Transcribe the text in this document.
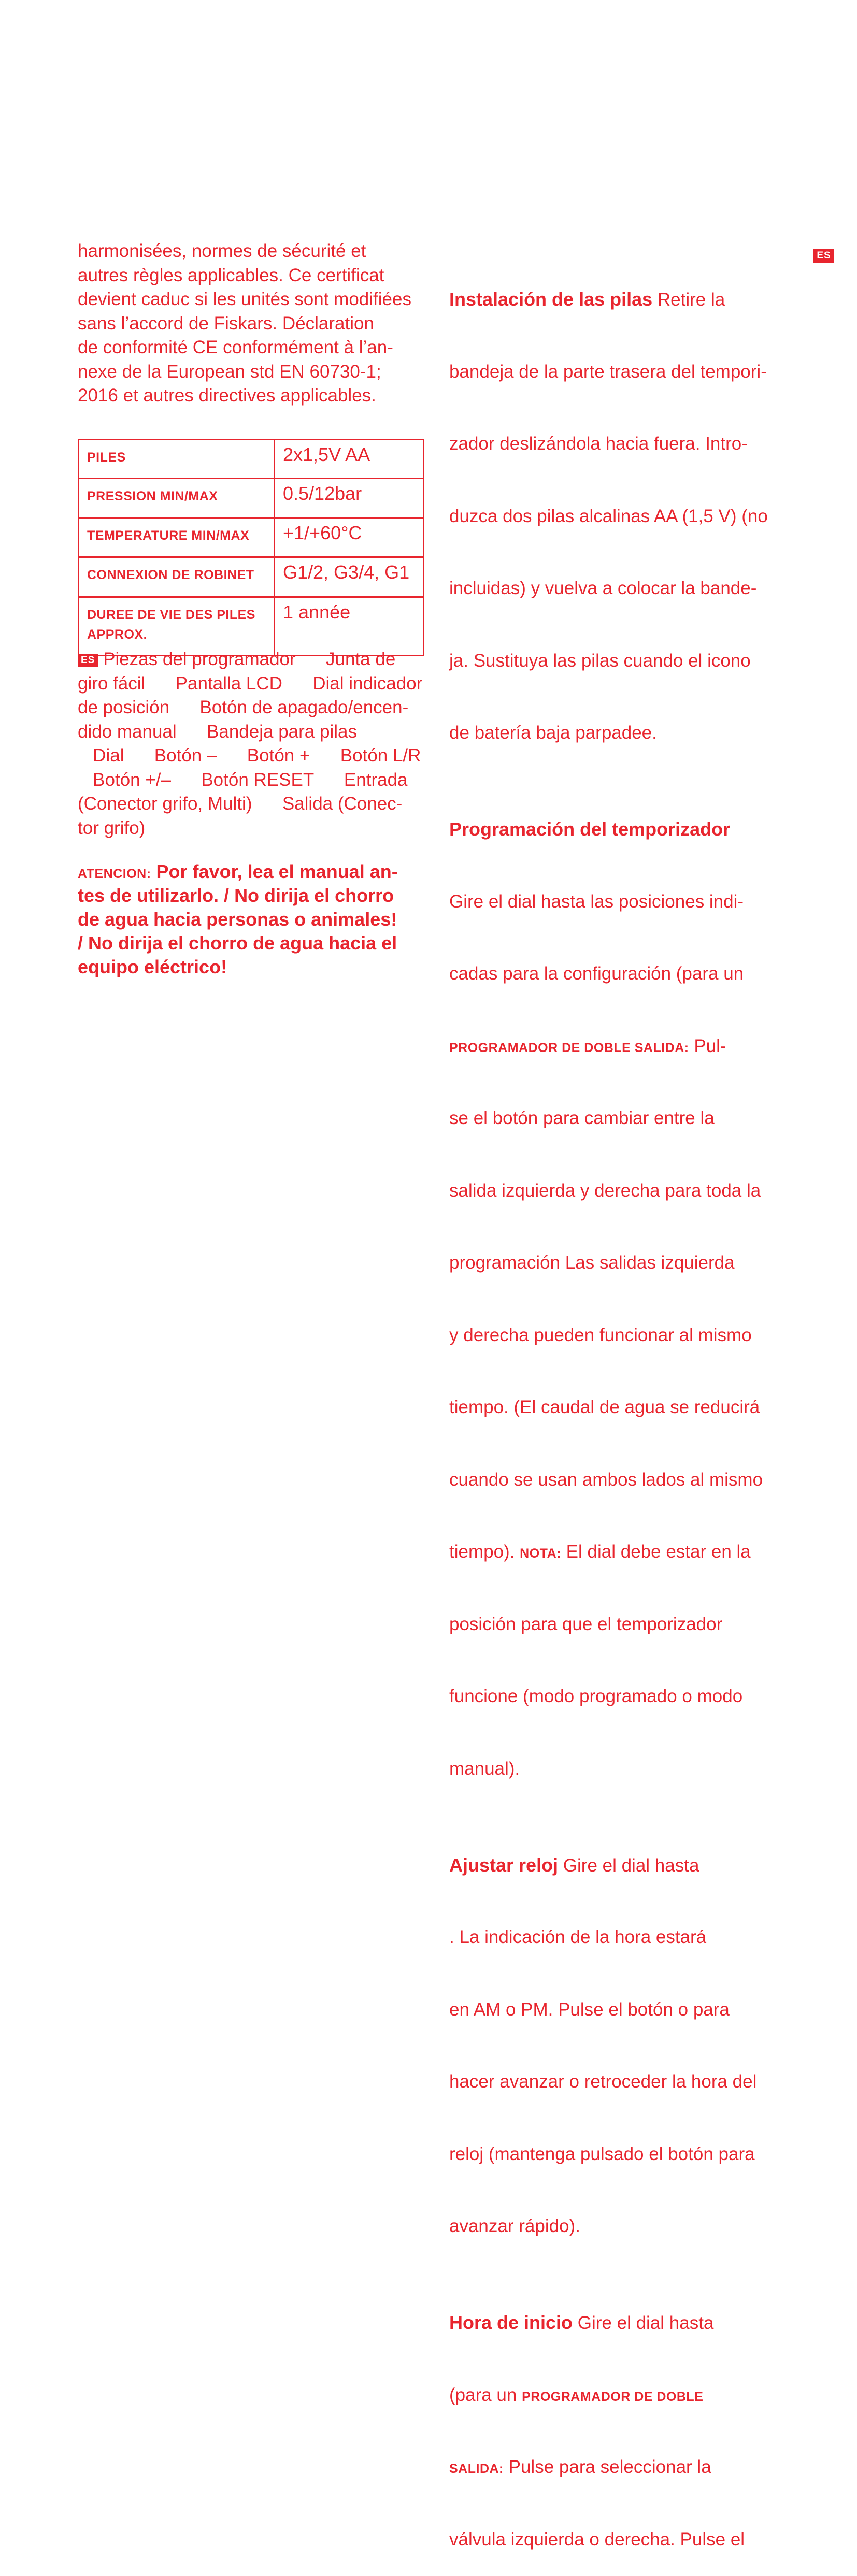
harmonisées, normes de sécurité et
autres règles applicables. Ce certificat
devient caduc si les unités sont modifiées
sans l’accord de Fiskars. Déclaration
de conformité CE conformément à l’an-
nexe de la European std EN 60730-1;
2016 et autres directives applicables.
PILES	2x1,5V AA
PRESSION MIN/MAX	0.5/12bar
TEMPERATURE MIN/MAX	+1/+60°C
CONNEXION DE ROBINET	G1/2, G3/4, G1
DUREE DE VIE DES PILES APPROX.	1 année
ES Piezas del programador      Junta de
giro fácil      Pantalla LCD      Dial indicador
de posición      Botón de apagado/encen-
dido manual      Bandeja para pilas
Dial      Botón –      Botón +      Botón L/R
Botón +/–      Botón RESET      Entrada
(Conector grifo, Multi)      Salida (Conec-
tor grifo)
ATENCION: Por favor, lea el manual an-
tes de utilizarlo. / No dirija el chorro
de agua hacia personas o animales!
/ No dirija el chorro de agua hacia el
equipo eléctrico!
ES

Instalación de las pilas Retire la

bandeja de la parte trasera del tempori-

zador deslizándola hacia fuera. Intro-

duzca dos pilas alcalinas AA (1,5 V) (no

incluidas) y vuelva a colocar la bande-

ja. Sustituya las pilas cuando el icono

de batería baja parpadee.

Programación del temporizador

Gire el dial hasta las posiciones indi-

cadas para la configuración (para un

PROGRAMADOR DE DOBLE SALIDA: Pul-

se el botón para cambiar entre la

salida izquierda y derecha para toda la

programación Las salidas izquierda

y derecha pueden funcionar al mismo

tiempo. (El caudal de agua se reducirá

cuando se usan ambos lados al mismo

tiempo). NOTA: El dial debe estar en la

posición para que el temporizador

funcione (modo programado o modo

manual).

Ajustar reloj Gire el dial hasta

. La indicación de la hora estará

en AM o PM. Pulse el botón o para

hacer avanzar o retroceder la hora del

reloj (mantenga pulsado el botón para

avanzar rápido).

Hora de inicio Gire el dial hasta

(para un PROGRAMADOR DE DOBLE

SALIDA: Pulse para seleccionar la

válvula izquierda o derecha. Pulse el
